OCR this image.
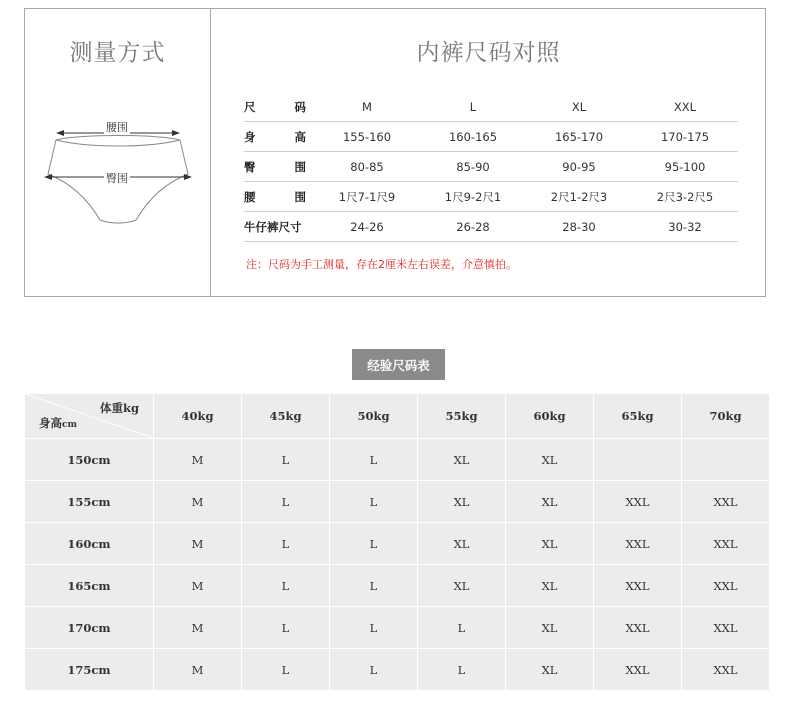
测量方式	内裤尺码对照
腰围
臀围
尺 码	M	L	XL	XXL

身 高	155-160	160-165	165-170	170-175

臀 围	80-85	85-90	90-95	95-100

腰 围	1尺7-1尺9	1尺9-2尺1	2尺1-2尺3	2尺3-2尺5
牛仔裤尺寸	24-26	26-28	28-30	30-32
注：尺码为手工测量，存在2厘米左右误差，介意慎拍。
经验尺码表
体重kg
身高cm	40kg	45kg	50kg	55kg	60kg	65kg	70kg
150cm	M	L	L	XL	XL		
155cm	M	L	L	XL	XL	XXL	XXL
160cm	M	L	L	XL	XL	XXL	XXL
165cm	M	L	L	XL	XL	XXL	XXL
170cm	M	L	L	L	XL	XXL	XXL
175cm	M	L	L	L	XL	XXL	XXL
